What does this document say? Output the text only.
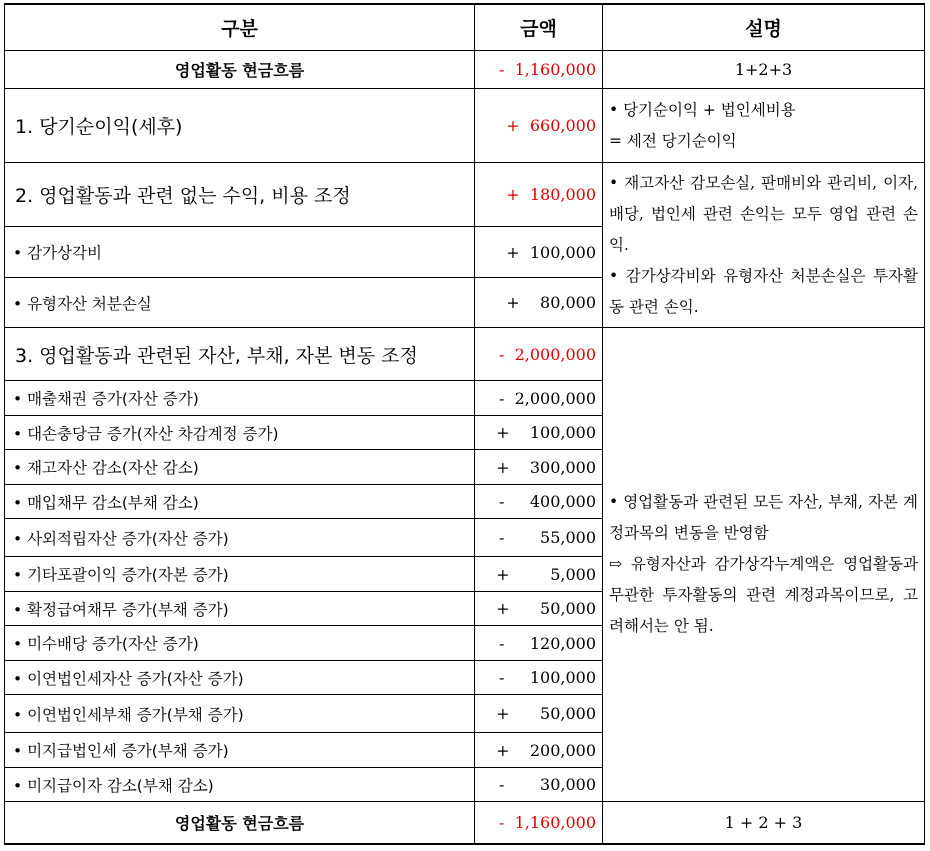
구분	금액	설명
영업활동 현금흐름	-  1,160,000	1+2+3
1. 당기순이익(세후)	+  660,000	• 당기순이익 + 법인세비용

= 세전 당기순이익

2. 영업활동과 관련 없는 수익, 비용 조정	+  180,000	• 재고자산 감모손실, 판매비와 관리비, 이자, 배당, 법인세 관련 손익는 모두 영업 관련 손익.

• 감가상각비와 유형자산 처분손실은 투자활동 관련 손익.

• 감가상각비	+  100,000	
• 유형자산 처분손실	+    80,000	
3. 영업활동과 관련된 자산, 부채, 자본 변동 조정	-  2,000,000	• 영업활동과 관련된 모든 자산, 부채, 자본 계정과목의 변동을 반영함

⇨ 유형자산과 감가상각누계액은 영업활동과 무관한 투자활동의 관련 계정과목이므로, 고려해서는 안 됨.

• 매출채권 증가(자산 증가)	-  2,000,000	
• 대손충당금 증가(자산 차감계정 증가)	+    100,000	
• 재고자산 감소(자산 감소)	+    300,000	
• 매입채무 감소(부채 감소)	-     400,000	
• 사외적립자산 증가(자산 증가)	-       55,000	
• 기타포괄이익 증가(자본 증가)	+        5,000	
• 확정급여채무 증가(부채 증가)	+      50,000	
• 미수배당 증가(자산 증가)	-     120,000	
• 이연법인세자산 증가(자산 증가)	-     100,000	
• 이연법인세부채 증가(부채 증가)	+      50,000	
• 미지급법인세 증가(부채 증가)	+    200,000	
• 미지급이자 감소(부채 감소)	-       30,000	
영업활동 현금흐름	-  1,160,000	1 + 2 + 3
